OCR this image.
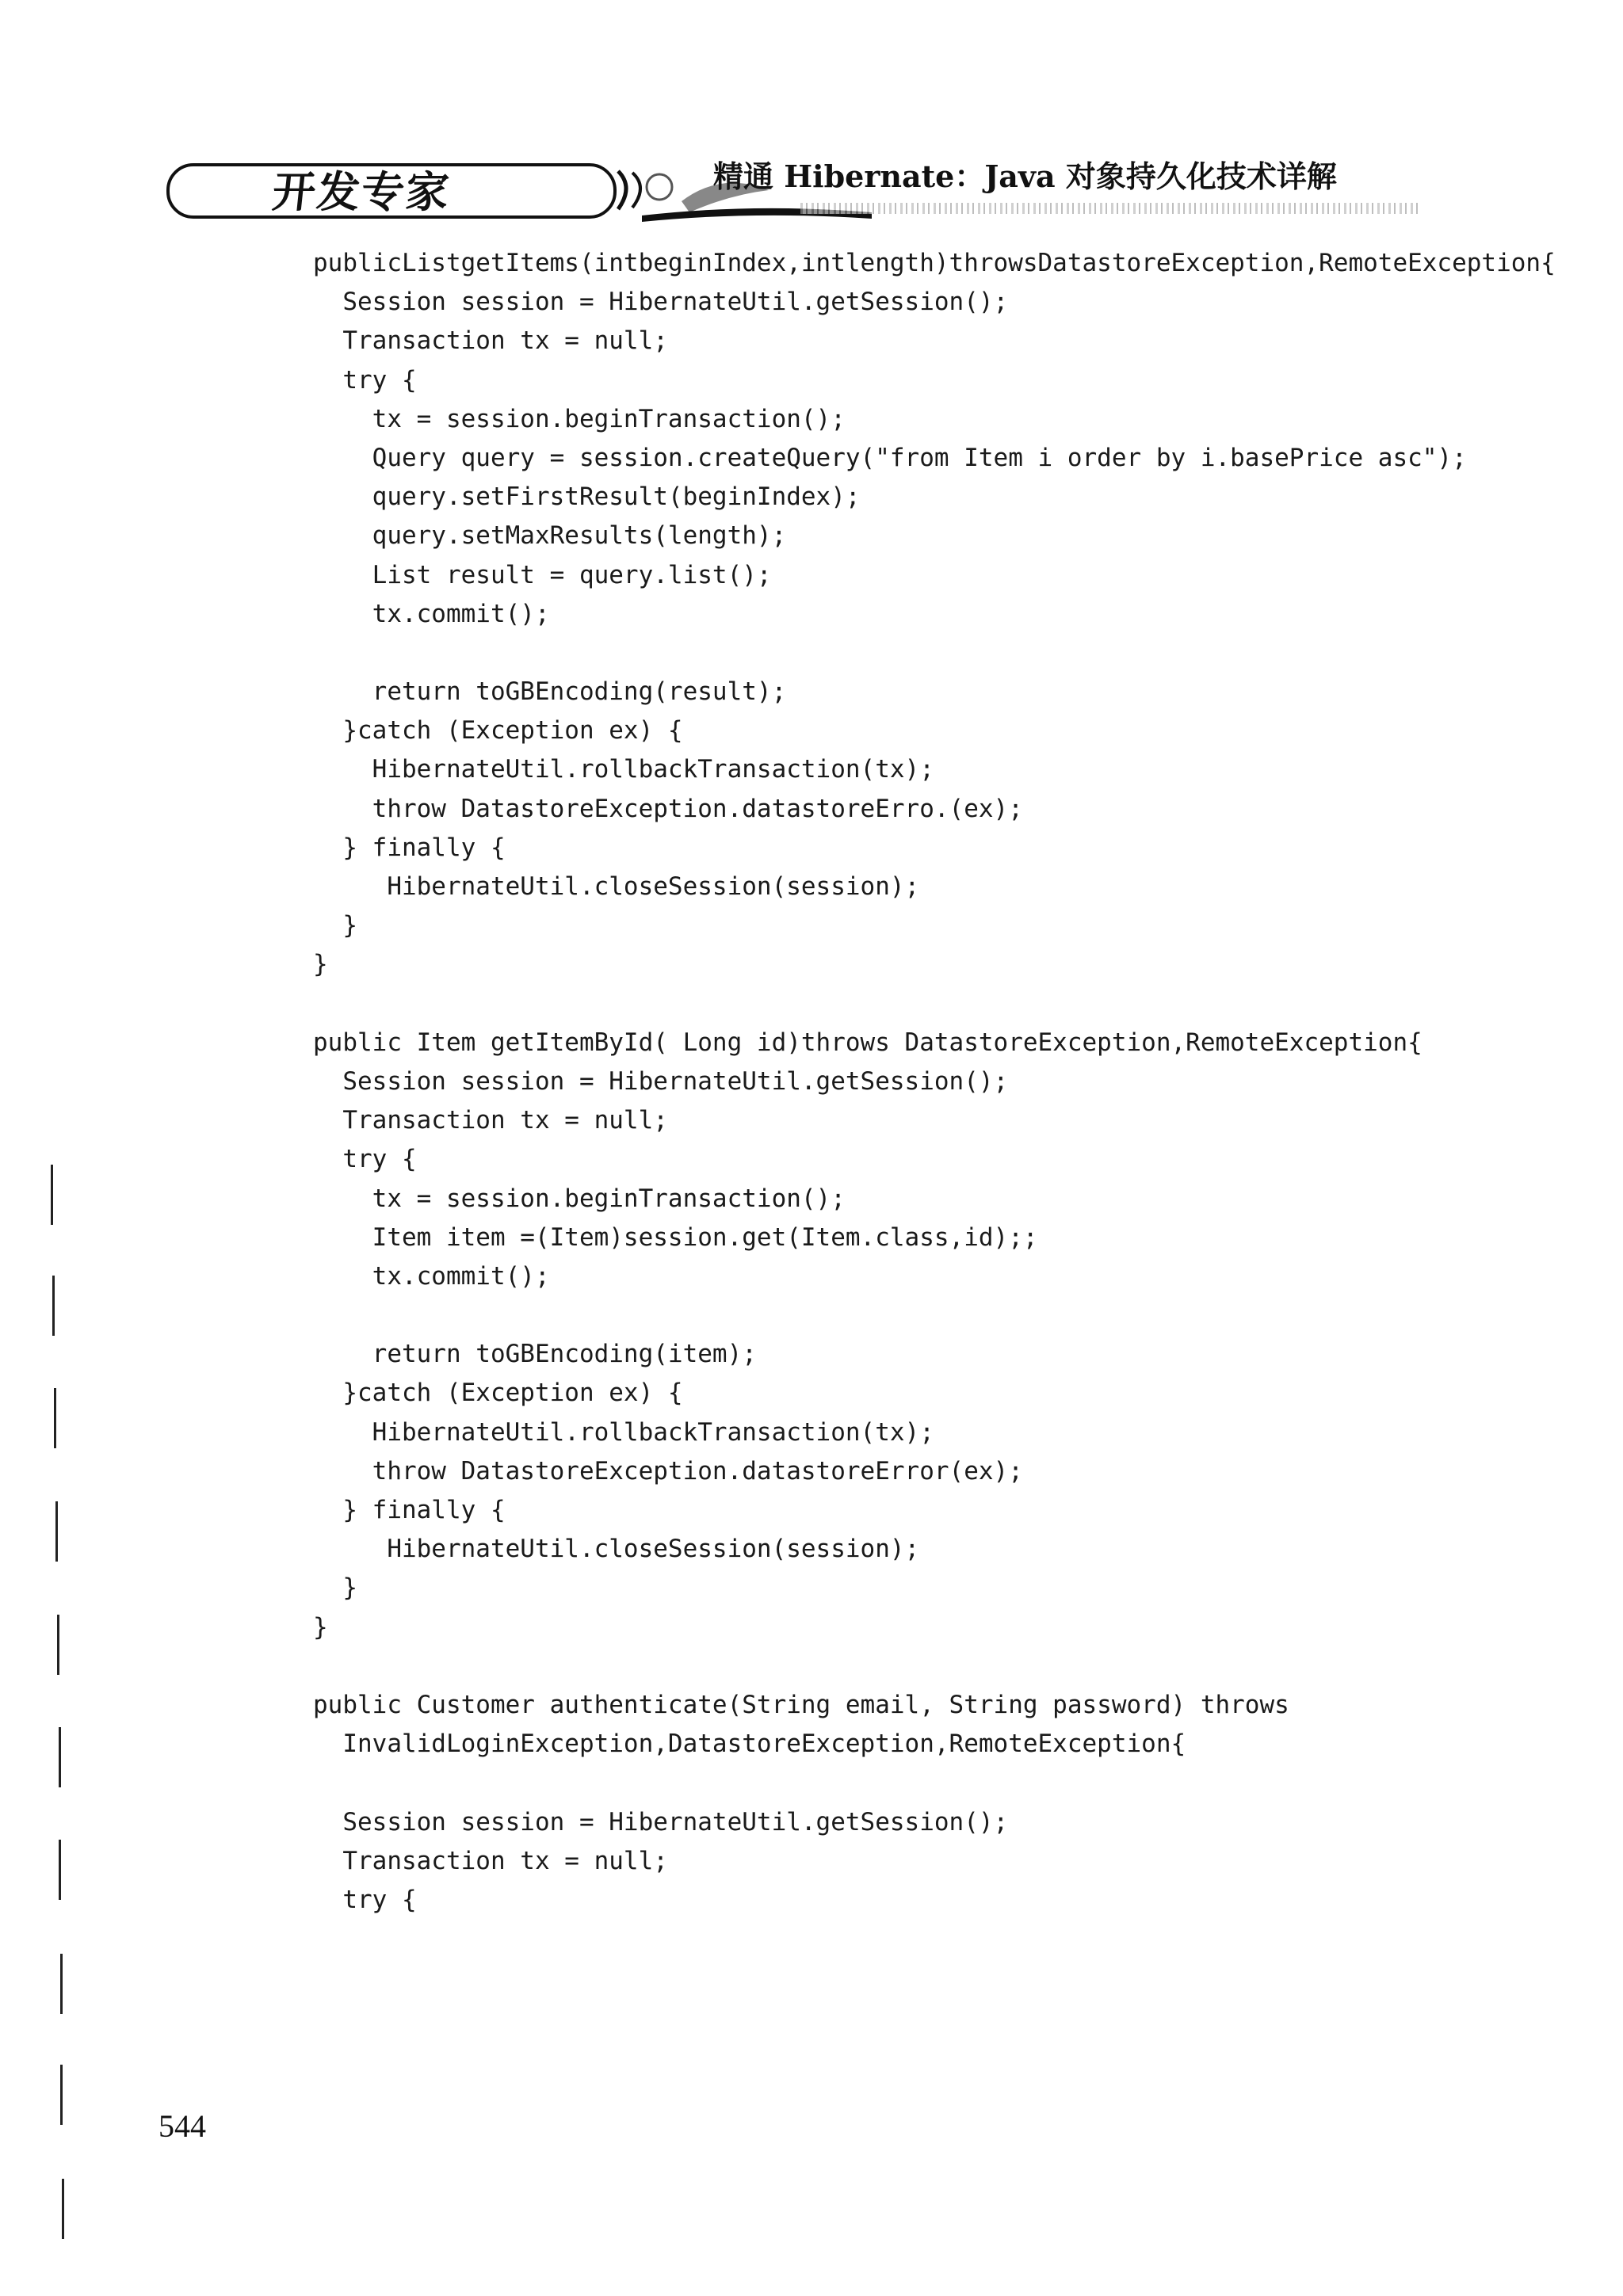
开发专家	精通 Hibernate：Java 对象持久化技术详解
publicListgetItems(intbeginIndex,intlength)throwsDatastoreException,RemoteException{
Session session = HibernateUtil.getSession();
Transaction tx = null;
try {
tx = session.beginTransaction();
Query query = session.createQuery("from Item i order by i.basePrice asc");
query.setFirstResult(beginIndex);
query.setMaxResults(length);
List result = query.list();
tx.commit();
return toGBEncoding(result);
}catch (Exception ex) {
HibernateUtil.rollbackTransaction(tx);
throw DatastoreException.datastoreErro.(ex);
} finally {
HibernateUtil.closeSession(session);
}
}
public Item getItemById( Long id)throws DatastoreException,RemoteException{
Session session = HibernateUtil.getSession();
Transaction tx = null;
try {
tx = session.beginTransaction();
Item item =(Item)session.get(Item.class,id);;
tx.commit();
return toGBEncoding(item);
}catch (Exception ex) {
HibernateUtil.rollbackTransaction(tx);
throw DatastoreException.datastoreError(ex);
} finally {
HibernateUtil.closeSession(session);
}
}
public Customer authenticate(String email, String password) throws
InvalidLoginException,DatastoreException,RemoteException{
Session session = HibernateUtil.getSession();
Transaction tx = null;
try {
544
